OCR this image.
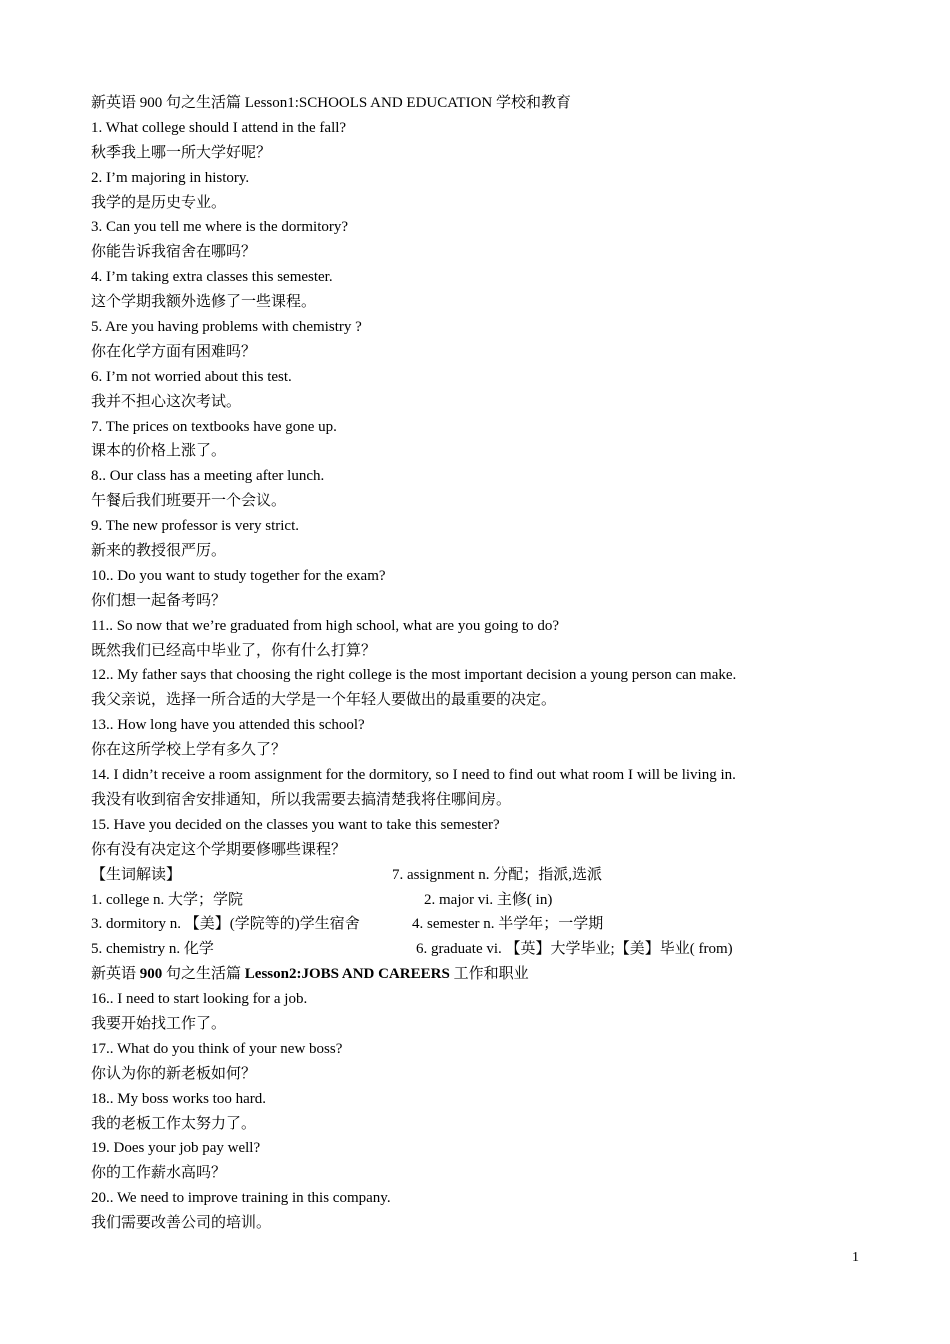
新英语 900 句之生活篇 Lesson1:SCHOOLS AND EDUCATION 学校和教育
1. What college should I attend in the fall?
秋季我上哪一所大学好呢？
2. I’m majoring in history.
我学的是历史专业。
3. Can you tell me where is the dormitory?
你能告诉我宿舍在哪吗？
4. I’m taking extra classes this semester.
这个学期我额外选修了一些课程。
5. Are you having problems with chemistry ?
你在化学方面有困难吗？
6. I’m not worried about this test.
我并不担心这次考试。
7. The prices on textbooks have gone up.
课本的价格上涨了。
8.. Our class has a meeting after lunch.
午餐后我们班要开一个会议。
9. The new professor is very strict.
新来的教授很严厉。
10.. Do you want to study together for the exam?
你们想一起备考吗？
11.. So now that we’re graduated from high school, what are you going to do?
既然我们已经高中毕业了，你有什么打算？
12.. My father says that choosing the right college is the most important decision a young person can make.
我父亲说，选择一所合适的大学是一个年轻人要做出的最重要的决定。
13.. How long have you attended this school?
你在这所学校上学有多久了？
14. I didn’t receive a room assignment for the dormitory, so I need to find out what room I will be living in.
我没有收到宿舍安排通知，所以我需要去搞清楚我将住哪间房。
15. Have you decided on the classes you want to take this semester?
你有没有决定这个学期要修哪些课程？
【生词解读】	7. assignment n. 分配；指派,选派
1. college n. 大学；学院	2. major vi. 主修( in)
3. dormitory n. 【美】(学院等的)学生宿舍	4. semester n. 半学年；一学期
5. chemistry n. 化学	6. graduate vi. 【英】大学毕业;【美】毕业( from)
新英语 900 句之生活篇 Lesson2:JOBS AND CAREERS 工作和职业
16.. I need to start looking for a job.
我要开始找工作了。
17.. What do you think of your new boss?
你认为你的新老板如何？
18.. My boss works too hard.
我的老板工作太努力了。
19. Does your job pay well?
你的工作薪水高吗？
20.. We need to improve training in this company.
我们需要改善公司的培训。
1
